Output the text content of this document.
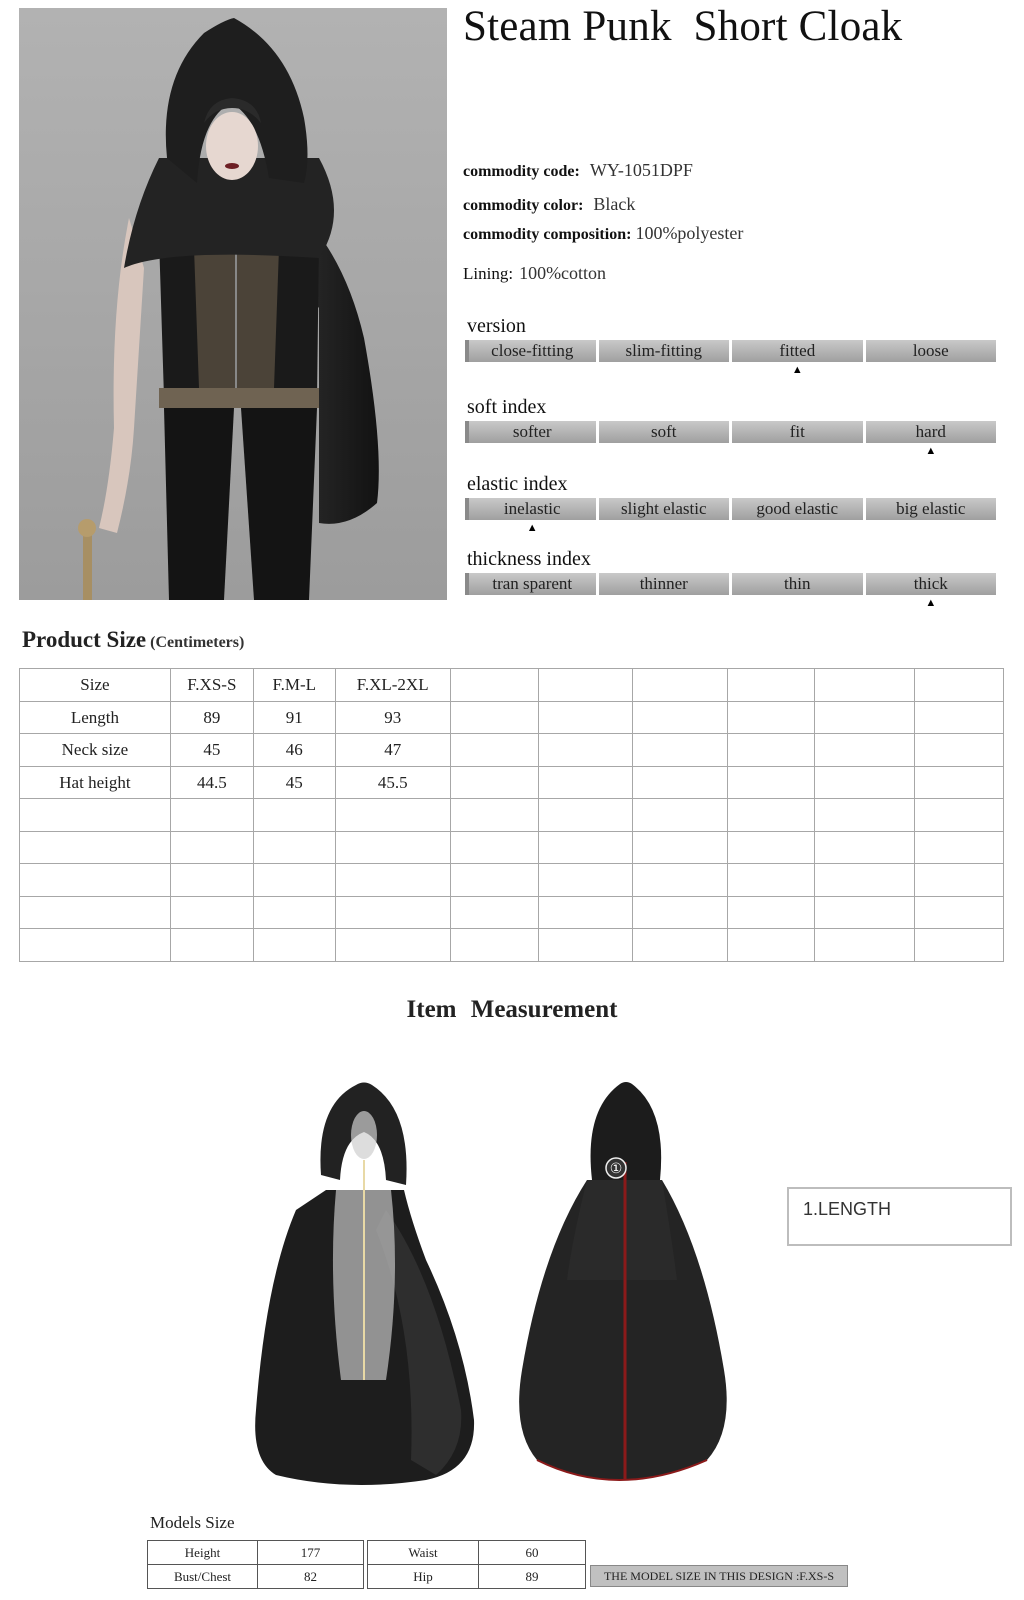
Steam Punk  Short Cloak
commodity code: WY-1051DPF
commodity color: Black
commodity composition: 100%polyester
Lining: 100%cotton
version
close-fitting	slim-fitting	fitted
▲
loose
soft index
softer	soft	fit	hard
▲
elastic index
inelastic
▲
slight elastic	good elastic	big elastic
thickness index
tran sparent	thinner	thin	thick
▲
Product Size (Centimeters)
Size	F.XS-S	F.M-L	F.XL-2XL						
Length	89	91	93						
Neck size	45	46	47						
Hat height	44.5	45	45.5						

Item Measurement
①
1.LENGTH
Models Size
Height	177
Bust/Chest	82
Waist	60
Hip	89	THE MODEL SIZE IN THIS DESIGN :F.XS-S
